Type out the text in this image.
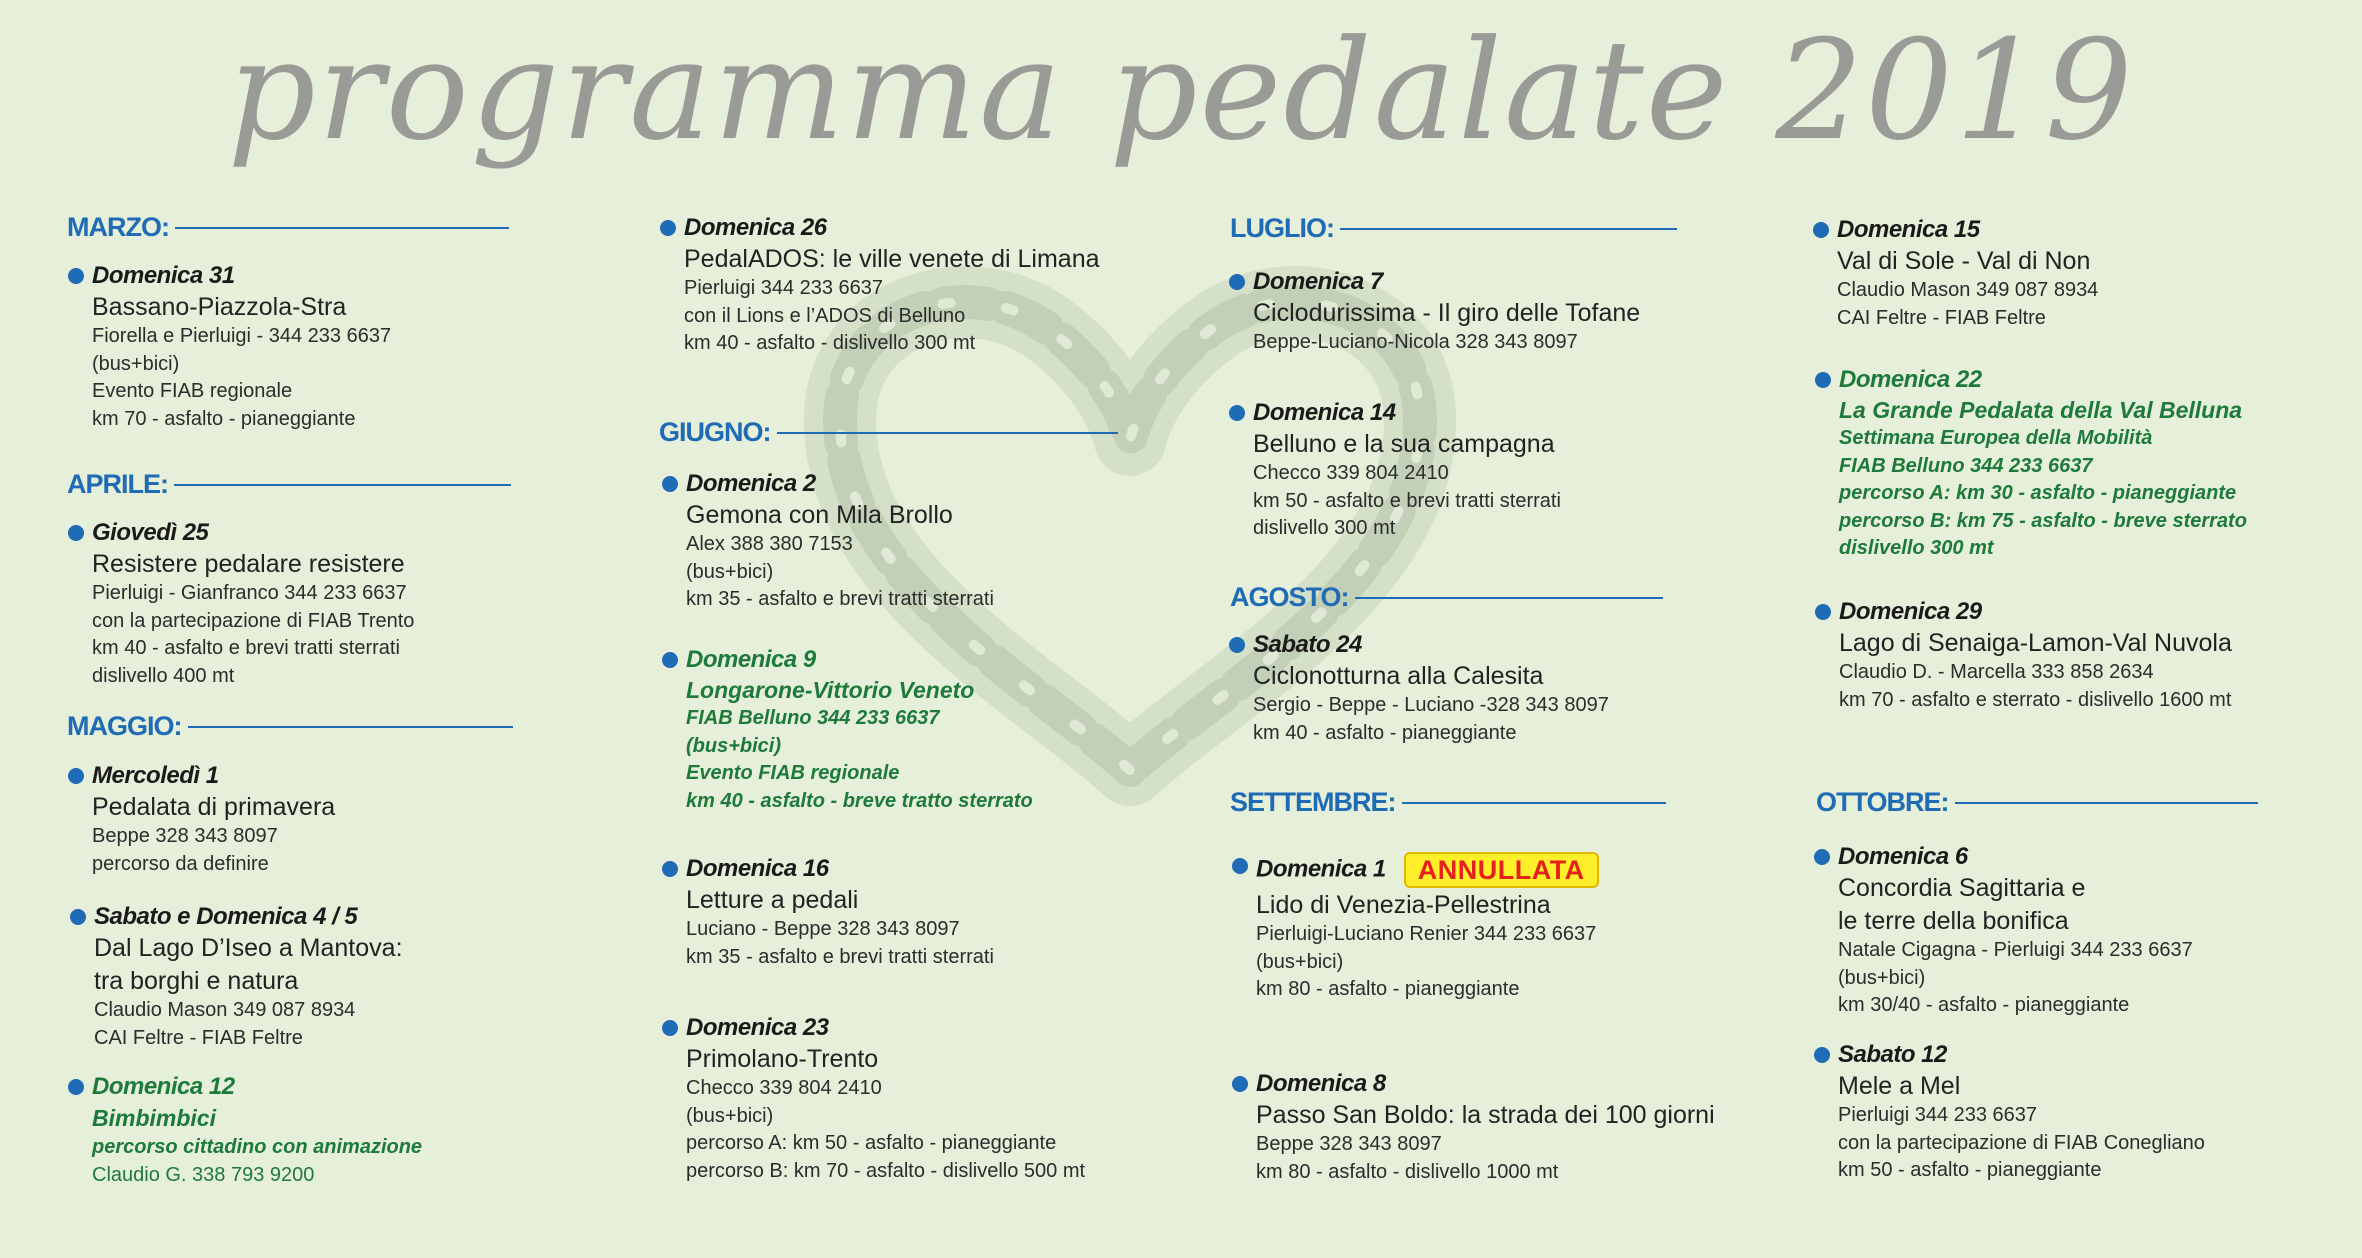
programma pedalate 2019
MARZO:
Domenica 31
Bassano-Piazzola-Stra
Fiorella e Pierluigi - 344 233 6637
(bus+bici)
Evento FIAB regionale
km 70 - asfalto - pianeggiante
APRILE:
Giovedì 25
Resistere pedalare resistere
Pierluigi - Gianfranco 344 233 6637
con la partecipazione di FIAB Trento
km 40 - asfalto e brevi tratti sterrati
dislivello 400 mt
MAGGIO:
Mercoledì 1
Pedalata di primavera
Beppe 328 343 8097
percorso da definire
Sabato e Domenica 4 / 5
Dal Lago D’Iseo a Mantova:
tra borghi e natura
Claudio Mason 349 087 8934
CAI Feltre - FIAB Feltre
Domenica 12
Bimbimbici
percorso cittadino con animazione
Claudio G. 338 793 9200
Domenica 26
PedalADOS: le ville venete di Limana
Pierluigi 344 233 6637
con il Lions e l’ADOS di Belluno
km 40 - asfalto - dislivello 300 mt
GIUGNO:
Domenica 2
Gemona con Mila Brollo
Alex 388 380 7153
(bus+bici)
km 35 - asfalto e brevi tratti sterrati
Domenica 9
Longarone-Vittorio Veneto
FIAB Belluno 344 233 6637
(bus+bici)
Evento FIAB regionale
km 40 - asfalto - breve tratto sterrato
Domenica 16
Letture a pedali
Luciano - Beppe 328 343 8097
km 35 - asfalto e brevi tratti sterrati
Domenica 23
Primolano-Trento
Checco 339 804 2410
(bus+bici)
percorso A: km 50 - asfalto - pianeggiante
percorso B: km 70 - asfalto - dislivello 500 mt
LUGLIO:
Domenica 7
Ciclodurissima - Il giro delle Tofane
Beppe-Luciano-Nicola 328 343 8097
Domenica 14
Belluno e la sua campagna
Checco 339 804 2410
km 50 - asfalto e brevi tratti sterrati
dislivello 300 mt
AGOSTO:
Sabato 24
Ciclonotturna alla Calesita
Sergio - Beppe - Luciano -328 343 8097
km 40 - asfalto - pianeggiante
SETTEMBRE:
Domenica 1 ANNULLATA
Lido di Venezia-Pellestrina
Pierluigi-Luciano Renier 344 233 6637
(bus+bici)
km 80 - asfalto - pianeggiante
Domenica 8
Passo San Boldo: la strada dei 100 giorni
Beppe 328 343 8097
km 80 - asfalto - dislivello 1000 mt
Domenica 15
Val di Sole - Val di Non
Claudio Mason 349 087 8934
CAI Feltre - FIAB Feltre
Domenica 22
La Grande Pedalata della Val Belluna
Settimana Europea della Mobilità
FIAB Belluno 344 233 6637
percorso A: km 30 - asfalto - pianeggiante
percorso B: km 75 - asfalto - breve sterrato
dislivello 300 mt
Domenica 29
Lago di Senaiga-Lamon-Val Nuvola
Claudio D. - Marcella 333 858 2634
km 70 - asfalto e sterrato - dislivello 1600 mt
OTTOBRE:
Domenica 6
Concordia Sagittaria e
le terre della bonifica
Natale Cigagna - Pierluigi 344 233 6637
(bus+bici)
km 30/40 - asfalto - pianeggiante
Sabato 12
Mele a Mel
Pierluigi 344 233 6637
con la partecipazione di FIAB Conegliano
km 50 - asfalto - pianeggiante
